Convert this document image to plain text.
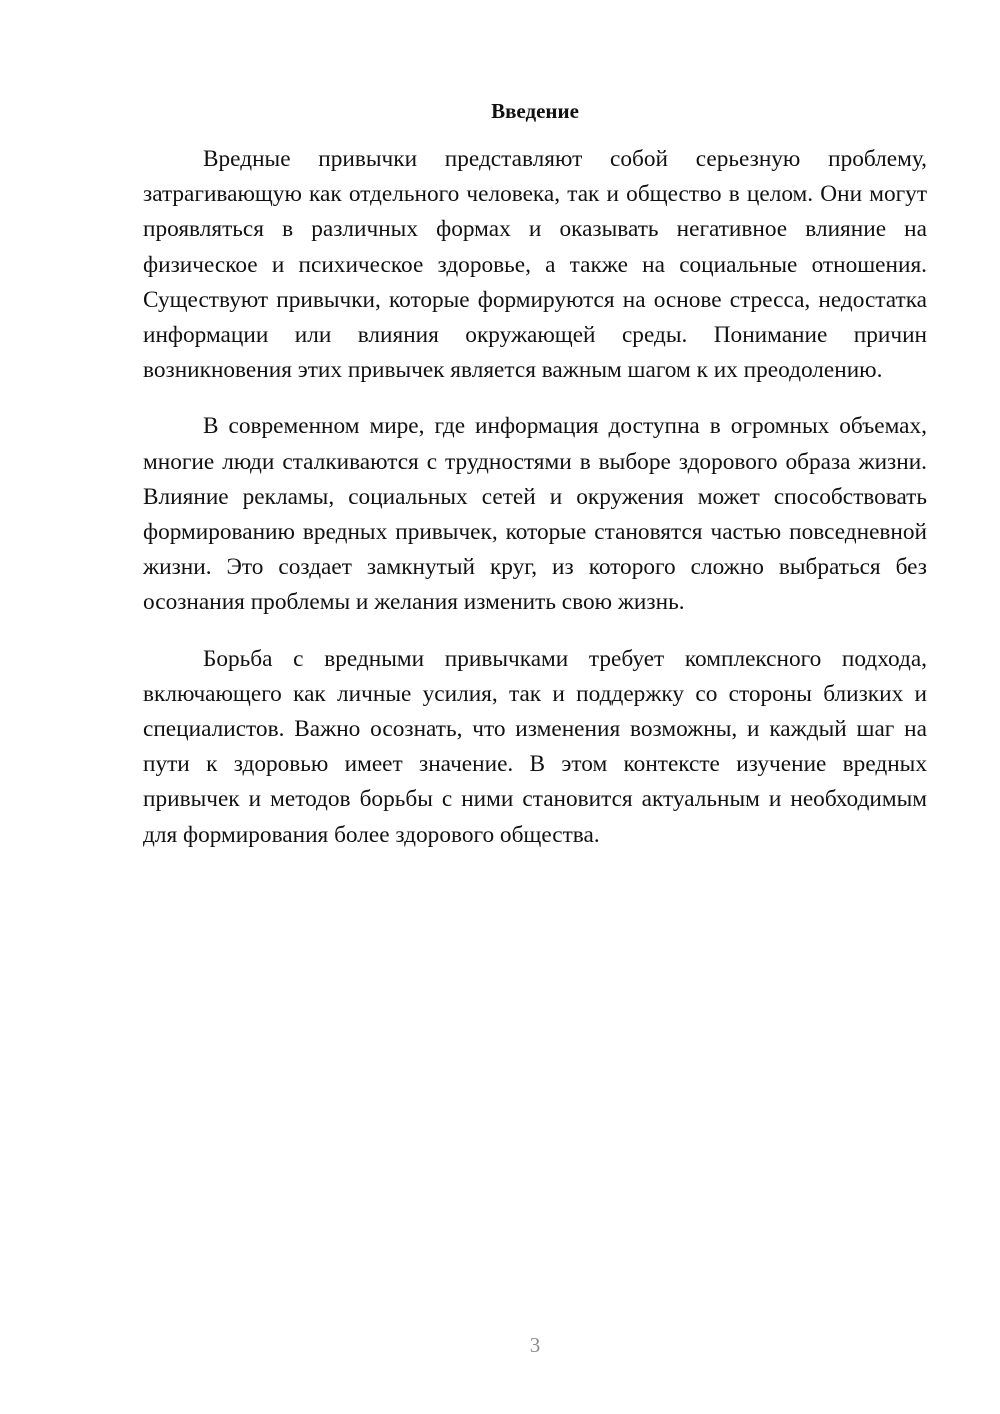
Введение

Вредные привычки представляют собой серьезную проблему, затрагивающую как отдельного человека, так и общество в целом. Они могут проявляться в различных формах и оказывать негативное влияние на физическое и психическое здоровье, а также на социальные отношения. Существуют привычки, которые формируются на основе стресса, недостатка информации или влияния окружающей среды. Понимание причин возникновения этих привычек является важным шагом к их преодолению.

В современном мире, где информация доступна в огромных объемах, многие люди сталкиваются с трудностями в выборе здорового образа жизни. Влияние рекламы, социальных сетей и окружения может способствовать формированию вредных привычек, которые становятся частью повседневной жизни. Это создает замкнутый круг, из которого сложно выбраться без осознания проблемы и желания изменить свою жизнь.

Борьба с вредными привычками требует комплексного подхода, включающего как личные усилия, так и поддержку со стороны близких и специалистов. Важно осознать, что изменения возможны, и каждый шаг на пути к здоровью имеет значение. В этом контексте изучение вредных привычек и методов борьбы с ними становится актуальным и необходимым для формирования более здорового общества.

3
